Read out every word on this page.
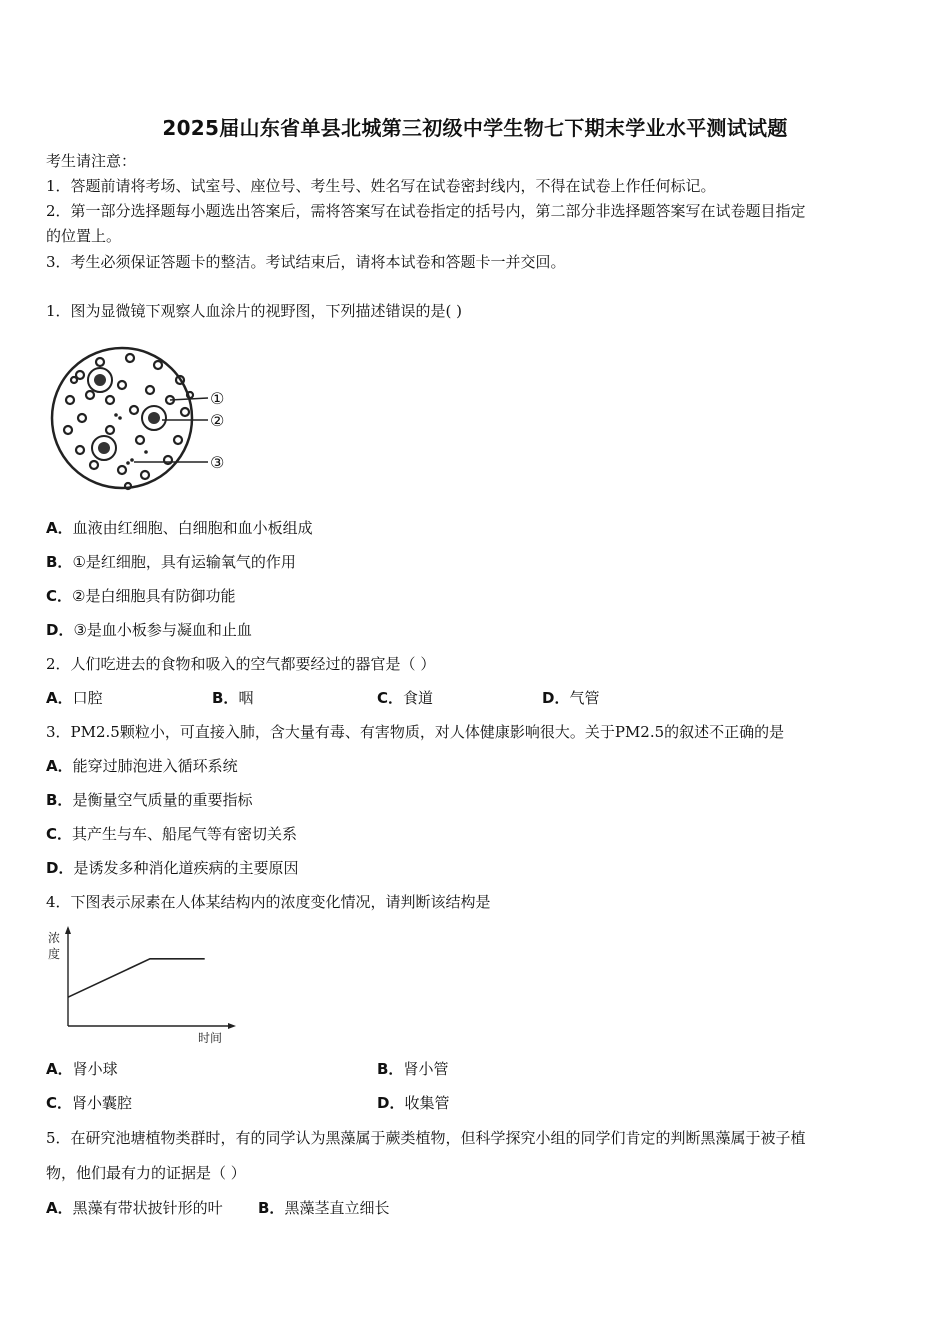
2025届山东省单县北城第三初级中学生物七下期末学业水平测试试题
考生请注意：
1．答题前请将考场、试室号、座位号、考生号、姓名写在试卷密封线内，不得在试卷上作任何标记。
2．第一部分选择题每小题选出答案后，需将答案写在试卷指定的括号内，第二部分非选择题答案写在试卷题目指定
的位置上。
3．考生必须保证答题卡的整洁。考试结束后，请将本试卷和答题卡一并交回。
1．图为显微镜下观察人血涂片的视野图，下列描述错误的是( )
①
②
③
A．血液由红细胞、白细胞和血小板组成
B．①是红细胞，具有运输氧气的作用
C．②是白细胞具有防御功能
D．③是血小板参与凝血和止血
2．人们吃进去的食物和吸入的空气都要经过的器官是（ ）
A．口腔	B．咽	C．食道	D．气管
3．PM2.5颗粒小，可直接入肺，含大量有毒、有害物质，对人体健康影响很大。关于PM2.5的叙述不正确的是
A．能穿过肺泡进入循环系统
B．是衡量空气质量的重要指标
C．其产生与车、船尾气等有密切关系
D．是诱发多种消化道疾病的主要原因
4．下图表示尿素在人体某结构内的浓度变化情况，请判断该结构是
浓
度
时间
A．肾小球	B．肾小管
C．肾小囊腔	D．收集管
5．在研究池塘植物类群时，有的同学认为黑藻属于蕨类植物，但科学探究小组的同学们肯定的判断黑藻属于被子植
物，他们最有力的证据是（ ）
A．黑藻有带状披针形的叶 B．黑藻茎直立细长
